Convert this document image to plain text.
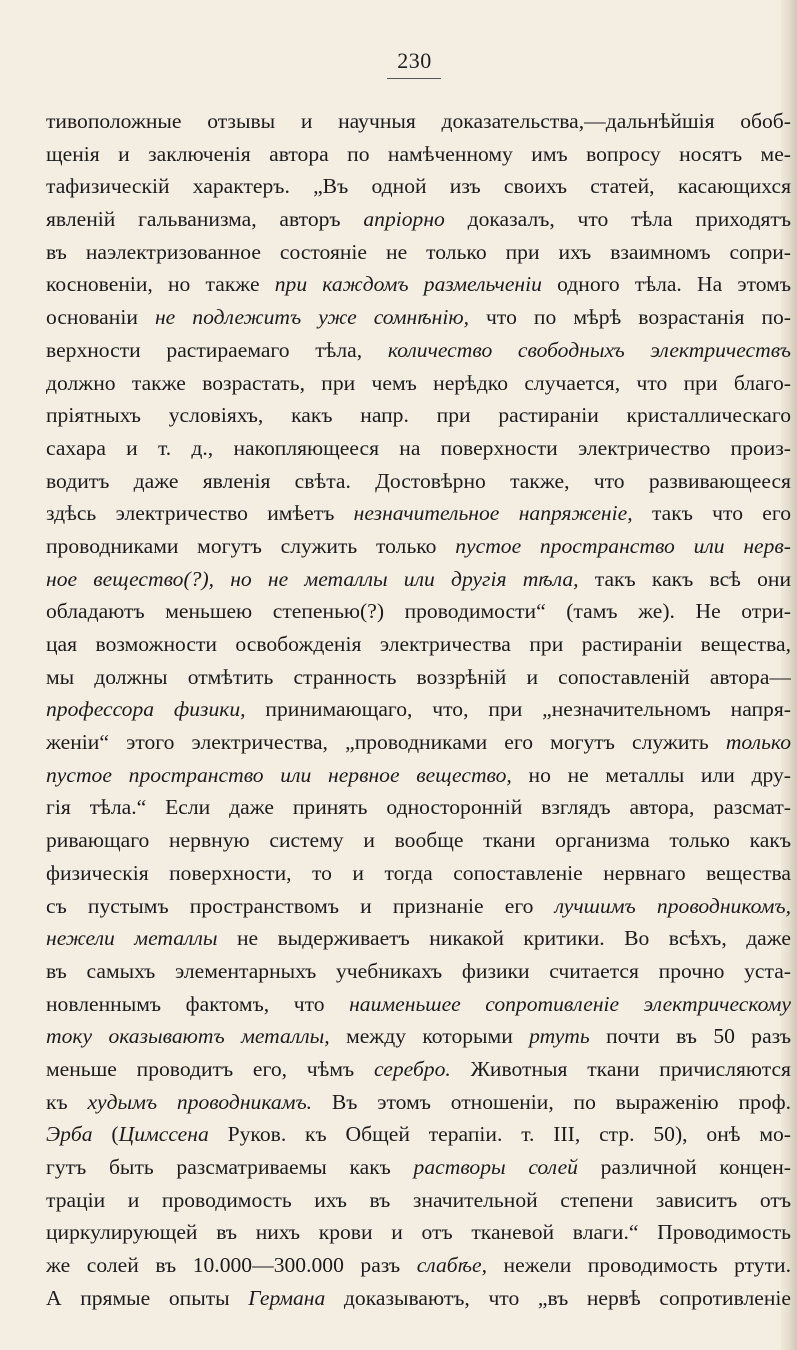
230
тивоположные отзывы и научныя доказательства,—дальнѣйшія обоб-
щенія и заключенія автора по намѣченному имъ вопросу носятъ ме-
тафизическій характеръ. „Въ одной изъ своихъ статей, касающихся
явленій гальванизма, авторъ апріорно доказалъ, что тѣла приходятъ
въ наэлектризованное состояніе не только при ихъ взаимномъ сопри-
косновеніи, но также при каждомъ размельченіи одного тѣла. На этомъ
основаніи не подлежитъ уже сомнѣнію, что по мѣрѣ возрастанія по-
верхности растираемаго тѣла, количество свободныхъ электричествъ
должно также возрастать, при чемъ нерѣдко случается, что при благо-
пріятныхъ условіяхъ, какъ напр. при растираніи кристаллическаго
сахара и т. д., накопляющееся на поверхности электричество произ-
водитъ даже явленія свѣта. Достовѣрно также, что развивающееся
здѣсь электричество имѣетъ незначительное напряженіе, такъ что его
проводниками могутъ служить только пустое пространство или нерв-
ное вещество(?), но не металлы или другія тѣла, такъ какъ всѣ они
обладаютъ меньшею степенью(?) проводимости“ (тамъ же). Не отри-
цая возможности освобожденія электричества при растираніи вещества,
мы должны отмѣтить странность воззрѣній и сопоставленій автора—
профессора физики, принимающаго, что, при „незначительномъ напря-
женіи“ этого электричества, „проводниками его могутъ служить только
пустое пространство или нервное вещество, но не металлы или дру-
гія тѣла.“ Если даже принять односторонній взглядъ автора, разсмат-
ривающаго нервную систему и вообще ткани организма только какъ
физическія поверхности, то и тогда сопоставленіе нервнаго вещества
съ пустымъ пространствомъ и признаніе его лучшимъ проводникомъ,
нежели металлы не выдерживаетъ никакой критики. Во всѣхъ, даже
въ самыхъ элементарныхъ учебникахъ физики считается прочно уста-
новленнымъ фактомъ, что наименьшее сопротивленіе электрическому
току оказываютъ металлы, между которыми ртуть почти въ 50 разъ
меньше проводитъ его, чѣмъ серебро. Животныя ткани причисляются
къ худымъ проводникамъ. Въ этомъ отношеніи, по выраженію проф.
Эрба (Цимссена Руков. къ Общей терапіи. т. III, стр. 50), онѣ мо-
гутъ быть разсматриваемы какъ растворы солей различной концен-
траціи и проводимость ихъ въ значительной степени зависитъ отъ
циркулирующей въ нихъ крови и отъ тканевой влаги.“ Проводимость
же солей въ 10.000—300.000 разъ слабѣе, нежели проводимость ртути.
А прямые опыты Германа доказываютъ, что „въ нервѣ сопротивленіе
